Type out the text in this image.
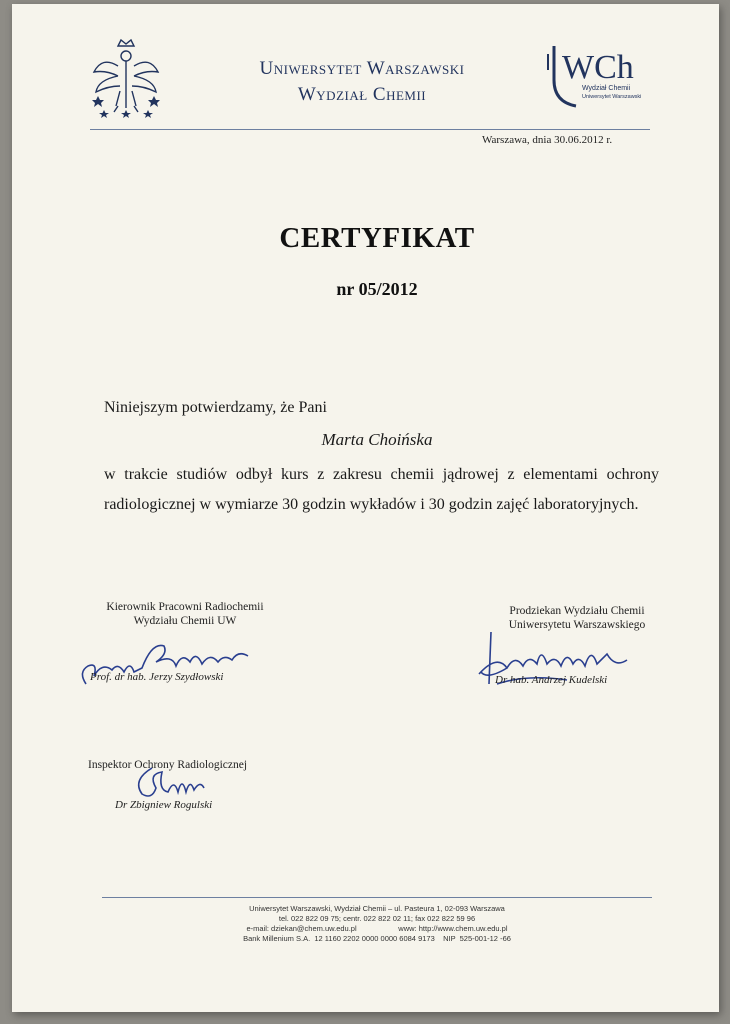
Uniwersytet Warszawski
Wydział Chemii
WCh
Wydział Chemii
Uniwersytet Warszawski
Warszawa, dnia 30.06.2012 r.
CERTYFIKAT
nr 05/2012
Niniejszym potwierdzamy, że Pani
Marta Choińska
w trakcie studiów odbył kurs z zakresu chemii jądrowej z elementami ochrony radiologicznej w wymiarze 30 godzin wykładów i 30 godzin zajęć laboratoryjnych.
Kierownik Pracowni Radiochemii
Wydziału Chemii UW
Prof. dr hab. Jerzy Szydłowski
Prodziekan Wydziału Chemii
Uniwersytetu Warszawskiego
Dr hab. Andrzej Kudelski
Inspektor Ochrony Radiologicznej
Dr Zbigniew Rogulski
Uniwersytet Warszawski, Wydział Chemii – ul. Pasteura 1, 02-093 Warszawa
tel. 022 822 09 75; centr. 022 822 02 11; fax 022 822 59 96
e-mail: dziekan@chem.uw.edu.pl                    www: http://www.chem.uw.edu.pl
Bank Millenium S.A.  12 1160 2202 0000 0000 6084 9173    NIP  525-001-12 -66
